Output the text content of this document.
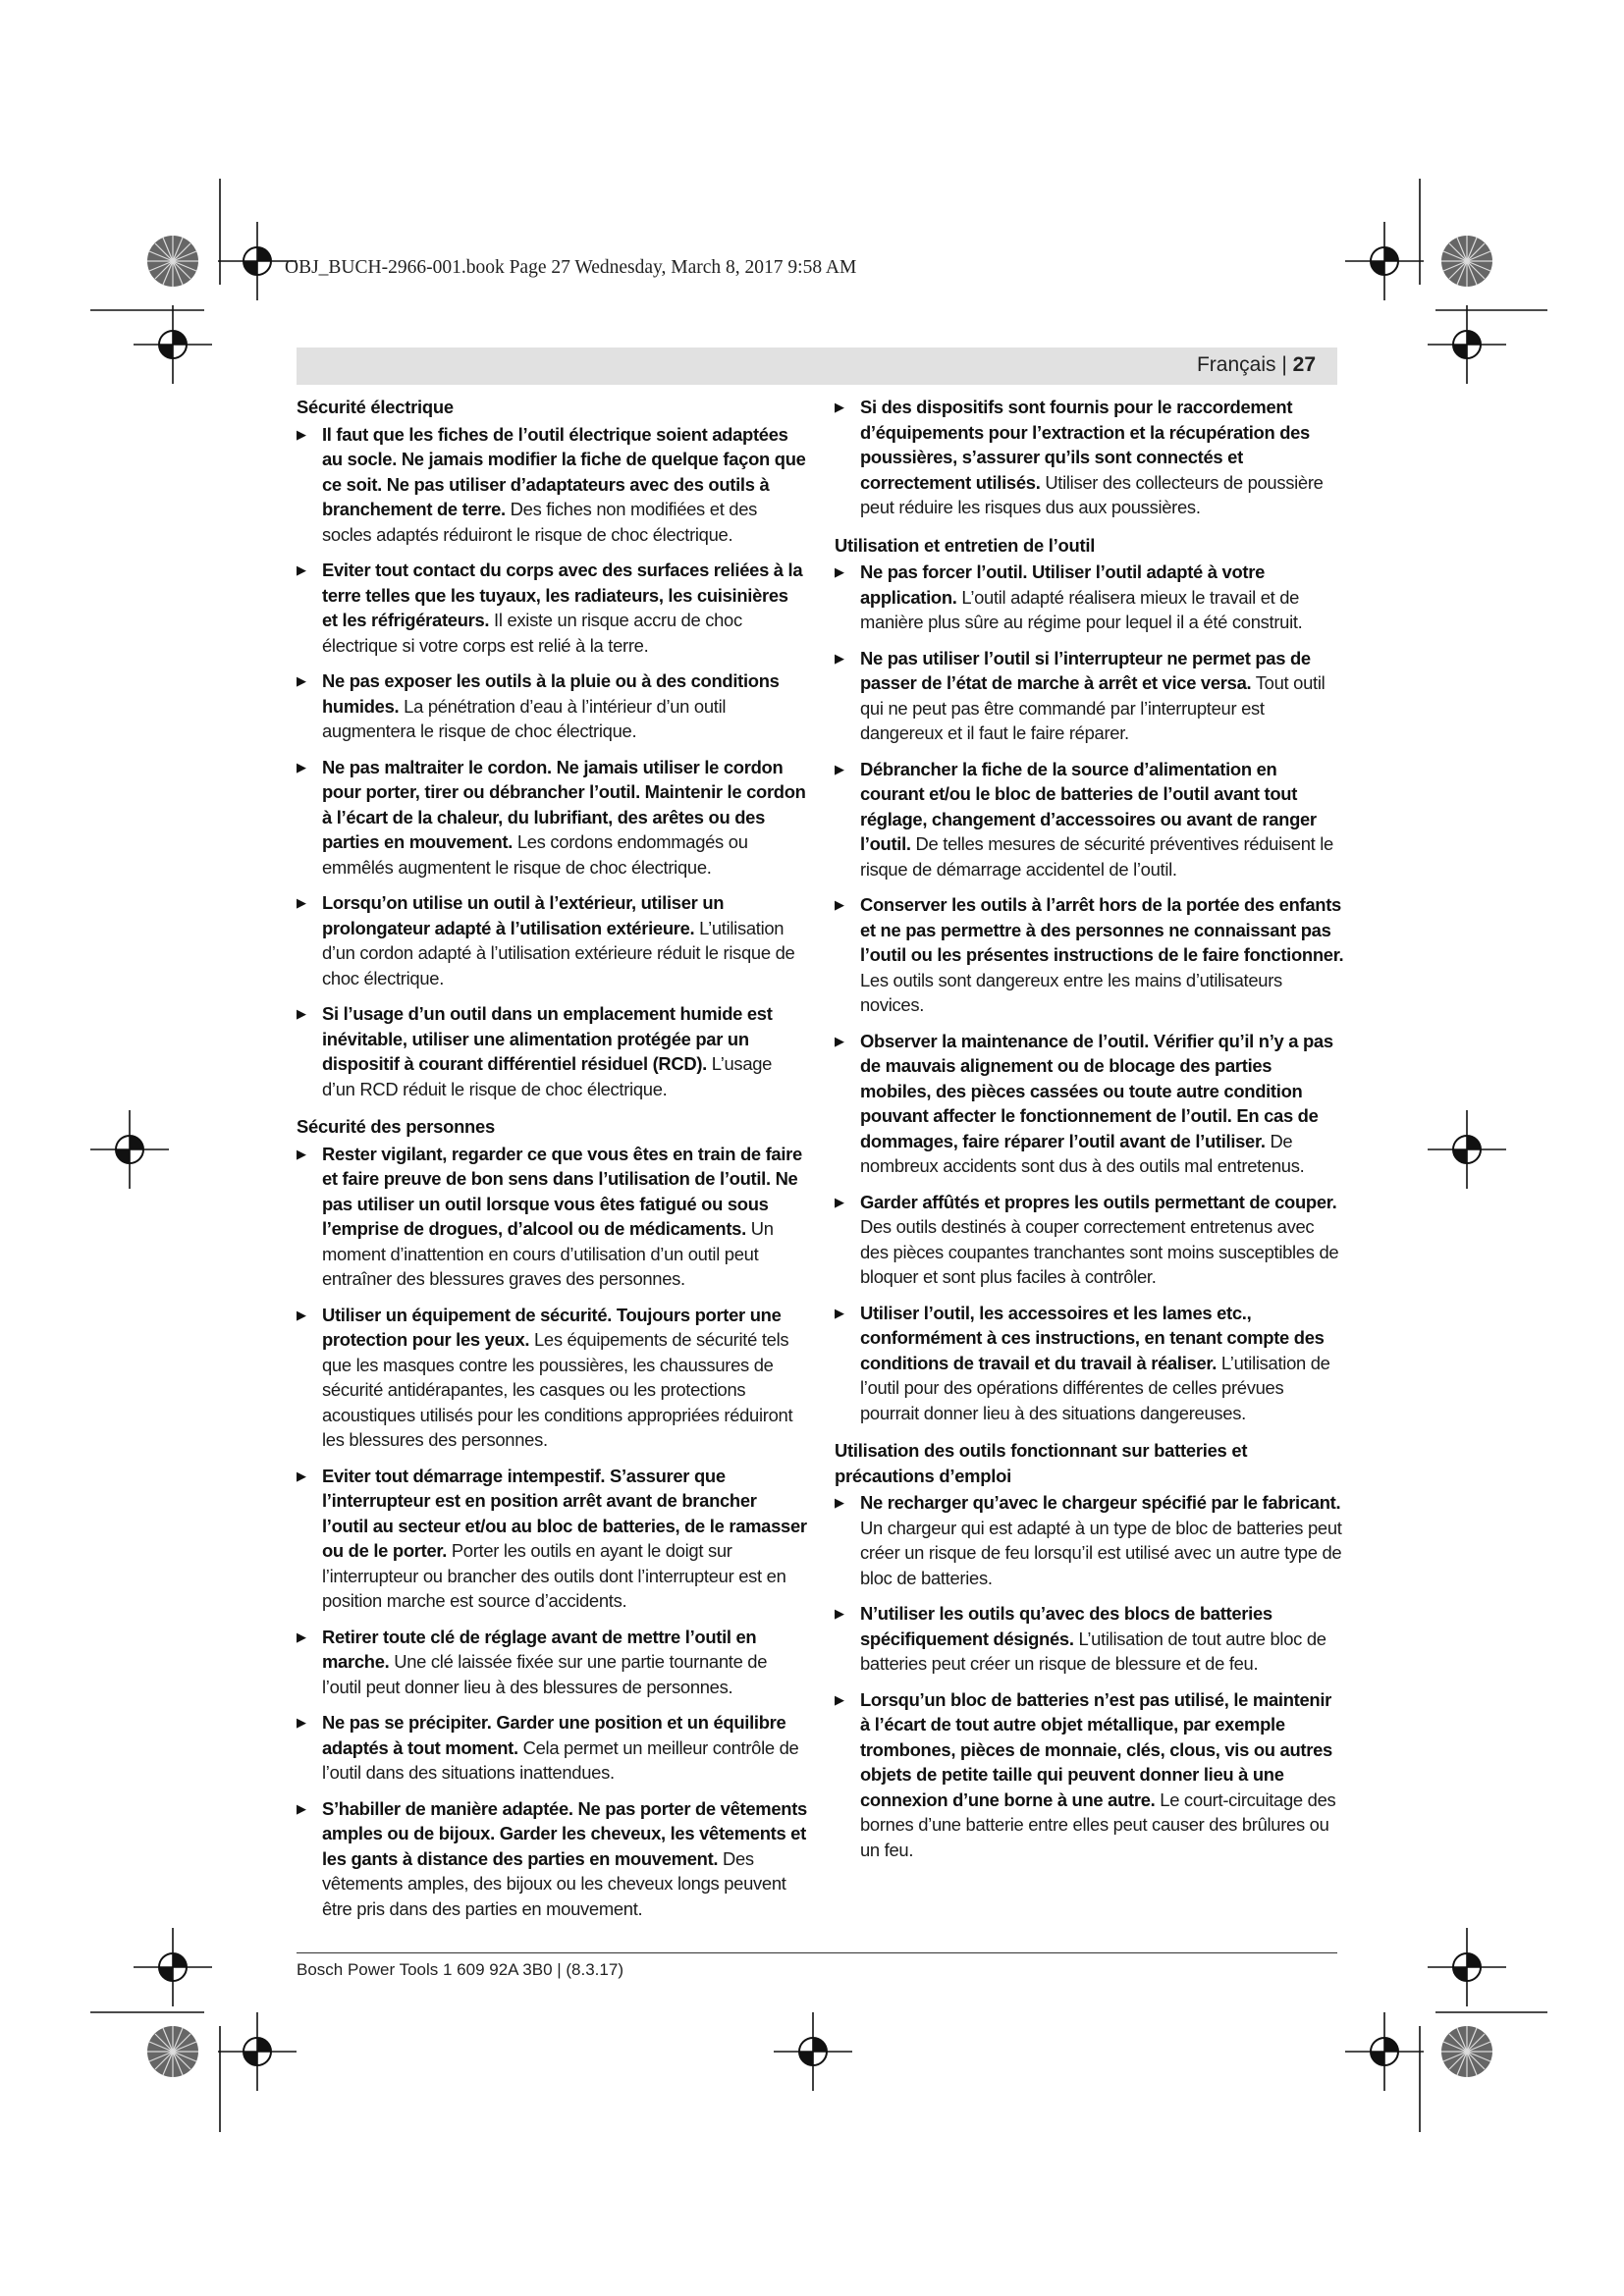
OBJ_BUCH-2966-001.book Page 27 Wednesday, March 8, 2017 9:58 AM
Français | 27
Sécurité électrique
▶ Il faut que les fiches de l’outil électrique soient adaptées au socle. Ne jamais modifier la fiche de quelque façon que ce soit. Ne pas utiliser d’adaptateurs avec des outils à branchement de terre. Des fiches non modifiées et des socles adaptés réduiront le risque de choc électrique.
▶ Eviter tout contact du corps avec des surfaces reliées à la terre telles que les tuyaux, les radiateurs, les cuisinières et les réfrigérateurs. Il existe un risque accru de choc électrique si votre corps est relié à la terre.
▶ Ne pas exposer les outils à la pluie ou à des conditions humides. La pénétration d’eau à l’intérieur d’un outil augmentera le risque de choc électrique.
▶ Ne pas maltraiter le cordon. Ne jamais utiliser le cordon pour porter, tirer ou débrancher l’outil. Maintenir le cordon à l’écart de la chaleur, du lubrifiant, des arêtes ou des parties en mouvement. Les cordons endommagés ou emmêlés augmentent le risque de choc électrique.
▶ Lorsqu’on utilise un outil à l’extérieur, utiliser un prolongateur adapté à l’utilisation extérieure. L’utilisation d’un cordon adapté à l’utilisation extérieure réduit le risque de choc électrique.
▶ Si l’usage d’un outil dans un emplacement humide est inévitable, utiliser une alimentation protégée par un dispositif à courant différentiel résiduel (RCD). L’usage d’un RCD réduit le risque de choc électrique.
Sécurité des personnes
▶ Rester vigilant, regarder ce que vous êtes en train de faire et faire preuve de bon sens dans l’utilisation de l’outil. Ne pas utiliser un outil lorsque vous êtes fatigué ou sous l’emprise de drogues, d’alcool ou de médicaments. Un moment d’inattention en cours d’utilisation d’un outil peut entraîner des blessures graves des personnes.
▶ Utiliser un équipement de sécurité. Toujours porter une protection pour les yeux. Les équipements de sécurité tels que les masques contre les poussières, les chaussures de sécurité antidérapantes, les casques ou les protections acoustiques utilisés pour les conditions appropriées réduiront les blessures des personnes.
▶ Eviter tout démarrage intempestif. S’assurer que l’interrupteur est en position arrêt avant de brancher l’outil au secteur et/ou au bloc de batteries, de le ramasser ou de le porter. Porter les outils en ayant le doigt sur l’interrupteur ou brancher des outils dont l’interrupteur est en position marche est source d’accidents.
▶ Retirer toute clé de réglage avant de mettre l’outil en marche. Une clé laissée fixée sur une partie tournante de l’outil peut donner lieu à des blessures de personnes.
▶ Ne pas se précipiter. Garder une position et un équilibre adaptés à tout moment. Cela permet un meilleur contrôle de l’outil dans des situations inattendues.
▶ S’habiller de manière adaptée. Ne pas porter de vêtements amples ou de bijoux. Garder les cheveux, les vêtements et les gants à distance des parties en mouvement. Des vêtements amples, des bijoux ou les cheveux longs peuvent être pris dans des parties en mouvement.
▶ Si des dispositifs sont fournis pour le raccordement d’équipements pour l’extraction et la récupération des poussières, s’assurer qu’ils sont connectés et correctement utilisés. Utiliser des collecteurs de poussière peut réduire les risques dus aux poussières.
Utilisation et entretien de l’outil
▶ Ne pas forcer l’outil. Utiliser l’outil adapté à votre application. L’outil adapté réalisera mieux le travail et de manière plus sûre au régime pour lequel il a été construit.
▶ Ne pas utiliser l’outil si l’interrupteur ne permet pas de passer de l’état de marche à arrêt et vice versa. Tout outil qui ne peut pas être commandé par l’interrupteur est dangereux et il faut le faire réparer.
▶ Débrancher la fiche de la source d’alimentation en courant et/ou le bloc de batteries de l’outil avant tout réglage, changement d’accessoires ou avant de ranger l’outil. De telles mesures de sécurité préventives réduisent le risque de démarrage accidentel de l’outil.
▶ Conserver les outils à l’arrêt hors de la portée des enfants et ne pas permettre à des personnes ne connaissant pas l’outil ou les présentes instructions de le faire fonctionner. Les outils sont dangereux entre les mains d’utilisateurs novices.
▶ Observer la maintenance de l’outil. Vérifier qu’il n’y a pas de mauvais alignement ou de blocage des parties mobiles, des pièces cassées ou toute autre condition pouvant affecter le fonctionnement de l’outil. En cas de dommages, faire réparer l’outil avant de l’utiliser. De nombreux accidents sont dus à des outils mal entretenus.
▶ Garder affûtés et propres les outils permettant de couper. Des outils destinés à couper correctement entretenus avec des pièces coupantes tranchantes sont moins susceptibles de bloquer et sont plus faciles à contrôler.
▶ Utiliser l’outil, les accessoires et les lames etc., conformément à ces instructions, en tenant compte des conditions de travail et du travail à réaliser. L’utilisation de l’outil pour des opérations différentes de celles prévues pourrait donner lieu à des situations dangereuses.
Utilisation des outils fonctionnant sur batteries et précautions d’emploi
▶ Ne recharger qu’avec le chargeur spécifié par le fabricant. Un chargeur qui est adapté à un type de bloc de batteries peut créer un risque de feu lorsqu’il est utilisé avec un autre type de bloc de batteries.
▶ N’utiliser les outils qu’avec des blocs de batteries spécifiquement désignés. L’utilisation de tout autre bloc de batteries peut créer un risque de blessure et de feu.
▶ Lorsqu’un bloc de batteries n’est pas utilisé, le maintenir à l’écart de tout autre objet métallique, par exemple trombones, pièces de monnaie, clés, clous, vis ou autres objets de petite taille qui peuvent donner lieu à une connexion d’une borne à une autre. Le court-circuitage des bornes d’une batterie entre elles peut causer des brûlures ou un feu.
Bosch Power Tools 1 609 92A 3B0 | (8.3.17)
